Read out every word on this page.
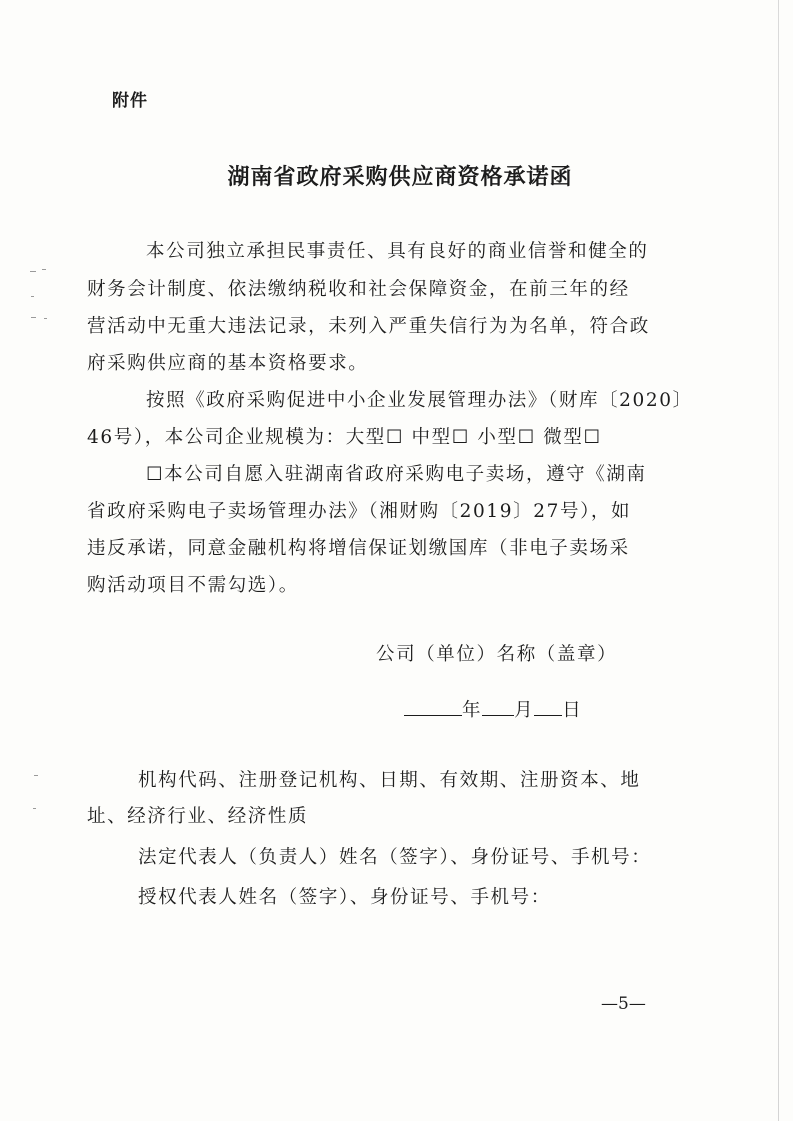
附件
湖南省政府采购供应商资格承诺函
本公司独立承担民事责任、具有良好的商业信誉和健全的
财务会计制度、依法缴纳税收和社会保障资金，在前三年的经
营活动中无重大违法记录，未列入严重失信行为为名单，符合政
府采购供应商的基本资格要求。
按照《政府采购促进中小企业发展管理办法》（财库〔2020〕
46号），本公司企业规模为：大型☐ 中型☐ 小型☐ 微型☐
☐本公司自愿入驻湖南省政府采购电子卖场，遵守《湖南
省政府采购电子卖场管理办法》（湘财购〔2019〕27号），如
违反承诺，同意金融机构将增信保证划缴国库（非电子卖场采
购活动项目不需勾选）。
公司（单位）名称（盖章）
年 月 日
机构代码、注册登记机构、日期、有效期、注册资本、地
址、经济行业、经济性质
法定代表人（负责人）姓名（签字）、身份证号、手机号：
授权代表人姓名（签字）、身份证号、手机号：
—5—
